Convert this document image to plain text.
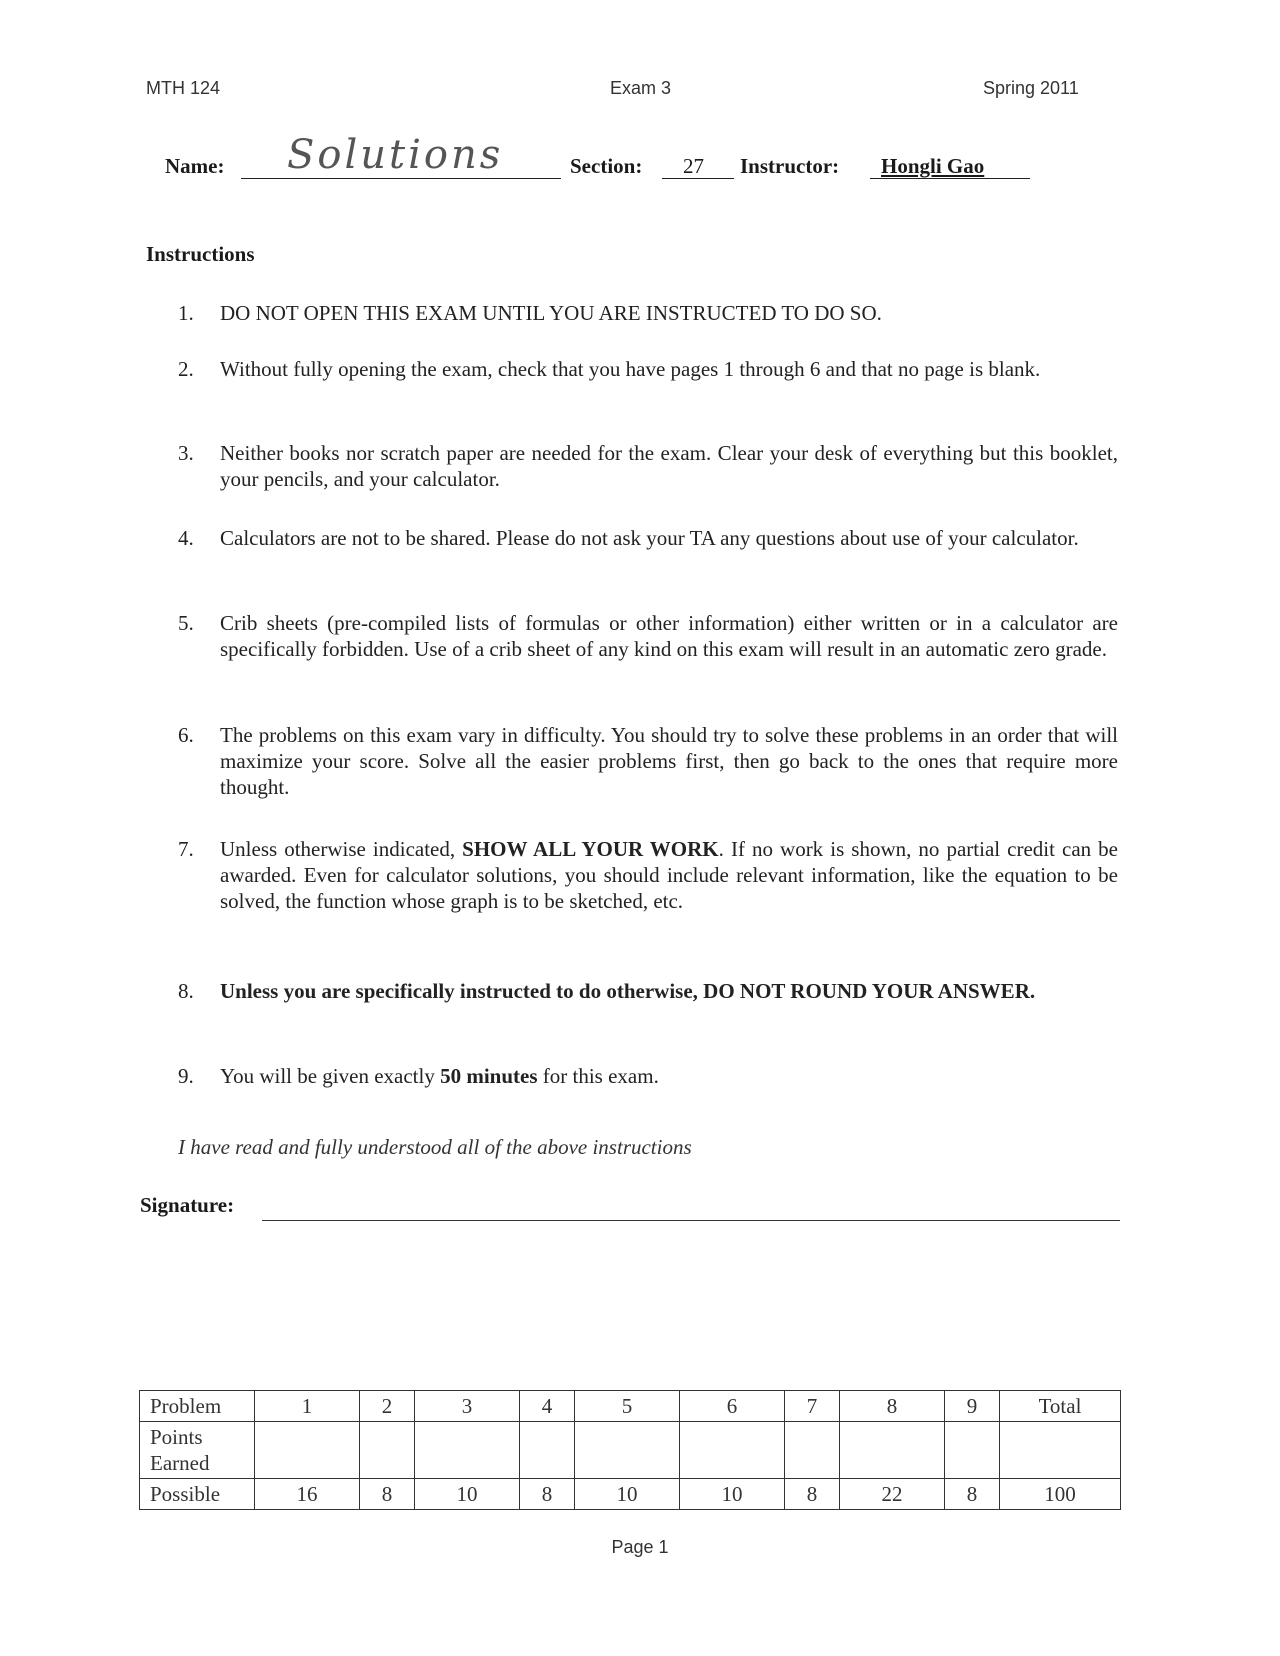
MTH 124	Exam 3	Spring 2011
Name:	Section: 27 Instructor: Hongli Gao
Solutions
Instructions
1. DO NOT OPEN THIS EXAM UNTIL YOU ARE INSTRUCTED TO DO SO.
2. Without fully opening the exam, check that you have pages 1 through 6 and that no page is blank.
3. Neither books nor scratch paper are needed for the exam. Clear your desk of everything but this booklet, your pencils, and your calculator.
4. Calculators are not to be shared. Please do not ask your TA any questions about use of your calculator.
5. Crib sheets (pre-compiled lists of formulas or other information) either written or in a calculator are specifically forbidden. Use of a crib sheet of any kind on this exam will result in an automatic zero grade.
6. The problems on this exam vary in difficulty. You should try to solve these problems in an order that will maximize your score. Solve all the easier problems first, then go back to the ones that require more thought.
7. Unless otherwise indicated, SHOW ALL YOUR WORK. If no work is shown, no partial credit can be awarded. Even for calculator solutions, you should include relevant information, like the equation to be solved, the function whose graph is to be sketched, etc.
8. Unless you are specifically instructed to do otherwise, DO NOT ROUND YOUR ANSWER.
9. You will be given exactly 50 minutes for this exam.
I have read and fully understood all of the above instructions
Signature:
Problem	1	2	3	4	5	6	7	8	9	Total
Points
Earned										
Possible	16	8	10	8	10	10	8	22	8	100
Page 1
